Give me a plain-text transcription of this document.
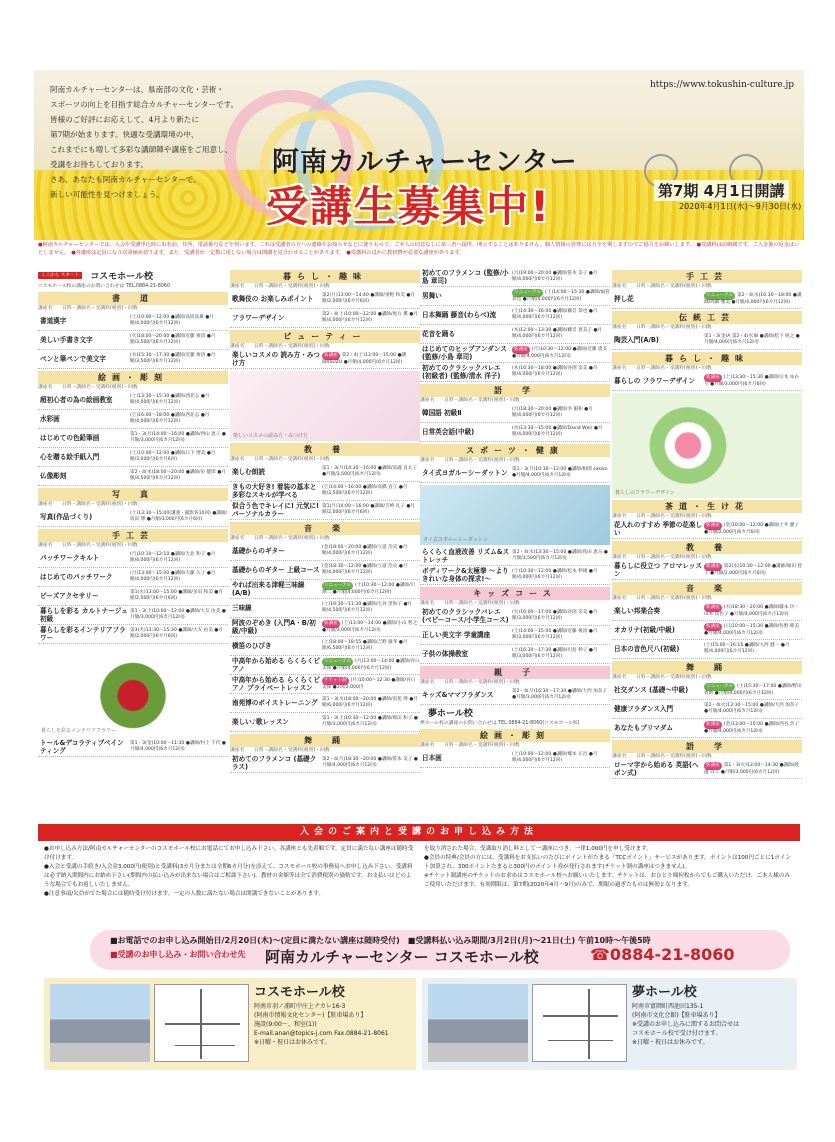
阿南カルチャーセンターは、県南部の文化・芸術・
スポーツの向上を目指す総合カルチャーセンターです。
皆様のご好評にお応えして、4月より新たに
第7期が始まります。快適な受講環境の中、
これまでにも増して多彩な講師陣や講座をご用意し、
受講をお待ちしております。
さあ、あなたも阿南カルチャーセンターで、
新しい可能性を見つけましょう。
https://www.tokushin-culture.jp
阿南カルチャーセンター
受講生募集中!	第7期 4月1日開講
2020年4月1日(水)〜9月30日(水)
●阿南カルチャーセンターでは、入会や受講申込時にお名前、住所、電話番号などを伺います。これは受講者の方への連絡やお知らせなどに使うもので、ご本人の同意なしに第三者へ提供、開示することはありません。個人情報の管理には万全を期しますのでご協力をお願いします。 ●受講料は前納制です。ご入金後の返金はいたしません。 ●各講座は定員になり次第締め切ります。また、受講者が一定数に達しない場合は開講を見合わせることがあります。 ●受講料のほかに教材費が必要な講座があります。
ここから スタート	コスモホール校
コスモホール校の講座のお問い合わせは TEL.0884-21-8060
書　道
講座名　　日時・講師名・受講料(税別)・回数
書道漢字	(土)10:00〜12:00 ●講師/高坂富雄 ●月額/4,000円(6カ月12回)
美しい手書き文字	(火)18:00〜20:00 ●講師/近藤 俊清 ●月額/3,500円(6カ月12回)
ペンと筆ペンで美文字	(水)15:30〜17:30 ●講師/近藤 俊清 ●月額/3,500円(6カ月12回)
絵画・彫刻
講座名　　日時・講師名・受講料(税別)・回数
超初心者の為の絵画教室	(土)13:30〜15:30 ●講師/西北志 ●月額/4,000円(6カ月12回)
水彩画	(土)16:00〜18:00 ●講師/西北志 ●月額/4,000円(6カ月12回)
はじめての色鉛筆画	第1・3(月)14:00〜16:00 ●講師/西山 恵子 ●月額/3,000円(6カ月12回)
心を贈る絵手紙入門	(土)10:00〜12:00 ●講師/日下 博美 ●月額/3,000円(6カ月6回)
仏像彫刻	第2・4(木)18:00〜20:00 ●講師/泉 健郎 ●月額/4,500円(6カ月12回)
写　真
講座名　　日時・講師名・受講料(税別)・回数
写真(作品づくり)	(土)13:30〜15:00(講義・撮影各10回) ●講師/坂田 博 ●月額/3,000円(6カ月6回)
手工芸
講座名　　日時・講師名・受講料(税別)・回数
パッチワークキルト	(月)10:10〜12:10 ●講師/大北 和子 ●月額/4,000円(6カ月12回)
はじめてのパッチワーク	(月)13:00〜15:00 ●講師/大藤 久子 ●月額/4,000円(6カ月12回)
ビーズアクセサリー	第1(火)13:00〜15:00 ●講師/多田 和美 ●月額/2,000円(6カ月6回)
暮らしを彩る カルトナージュ初級
第1・3(土)10:00〜12:00 ●講師/大友 由美 ●月額/3,000円(6カ月12回)
暮らしを彩るインテリアフラワー
第3(火)13:30〜15:30 ●講師/大友 由美 ●月額/2,000円(6カ月6回)
暮らしを彩るインテリアフラワー
トール&デコラティブペインティング
第1・3(金)10:00〜11:30 ●講師/村上 千代 ●月額/4,000円(6カ月12回)
暮らし・趣味
講座名　　日時・講師名・受講料(税別)・回数
歌舞伎の お楽しみポイント	第2(月)13:00〜14:40 ●講師/須野 和美 ●月額/2,000円(6カ月6回)
フラワーデザイン	第2・4(土)10:00〜12:00 ●講師/尾方 薫 ●月額/4,000円(6カ月12回)
ビューティー
講座名　　日時・講師名・受講料(税別)・回数
楽しいコスメの 読み方・みつけ方
新講座 第2・4(土)13:00〜15:00 ●講師/ISUZU ●月額/4,000円(6カ月12回)
楽しいコスメの読み方・みつけ方
教　養
講座名　　日時・講師名・受講料(税別)・回数
楽しむ朗読	第1・3(月)14:30〜16:00 ●講師/前瀧 良太子 ●月額/3,500円(6カ月12回)
きもの大好き! 着装の基本と多彩なスキルが学べる
(土)14:00〜16:00 ●講師/高橋 直子 ●月額/3,500円(6カ月12回)
似合う色でキレイに! 元気に! パーソナルカラー
第1(月)14:00〜16:00 ●講師/吉崎 礼子 ●月額/2,000円(6カ月6回)
音　楽
講座名　　日時・講師名・受講料(税別)・回数
基礎からのギター	(金)18:00〜20:00 ●講師/立道 浩史 ●月額/4,000円(6カ月12回)
基礎からのギター 上級コース (金)18:30〜12:00 ●講師/立道 浩史 ●月額/4,000円(6カ月12回)
やれば出来る津軽三味線(A/B)
リニューアル (土)10:30〜12:00 ●講師/川 潤二 ●月額/4,000円(6カ月12回)
三味線	(土)10:30〜11:30 ●講師/大谷 里和子 ●月額/4,500円(6カ月12回)
阿波のぞめき (入門A・B/初級/中級)
新講座 (土)13:00〜14:00 ●講師/小山 智之 ●月額/3,000円(6カ月12回)
横笛のひびき	(土)18:00〜18:55 ●講師/吉野 敏孝 ●月額/6,500円(6カ月12回)
中高年から始める らくらくピアノ
リニューアル (月)13:00〜14:00 ●講師/谷口 美保 ●月額/4,000円(6カ月12回)
中高年から始める らくらくピアノ プライベートレッスン
チケット制 (月)10:00〜12:30 ●講師/谷口 美保 ●1回/2,000円
南苑博のボイストレーニング 第1・3(水)18:00〜20:00 ●講師/南苑 博 ●月額/6,000円(6カ月12回)
楽しい♪歌レッスン	第1・3(土)10:30〜12:00 ●講師/岡田 和子 ●月額/3,000円(6カ月12回)
舞　踊
講座名　　日時・講師名・受講料(税別)・回数
初めてのフラメンコ (基礎クラス)
第2・4(月)18:30〜20:00 ●講師/笹本 美子 ●月額/4,000円(6カ月12回)
初めてのフラメンコ (監修/小島 章司)
(月)19:00〜20:00 ●講師/笹本 美子 ●月額/4,000円(6カ月12回)
男舞い	リニューアル (土)14:00〜15:30 ●講師/福宮 恭也 ●月額/4,000円(6カ月12回)
日本舞踊 藤音(わらべ)流	(土)14:30〜16:00 ●講師/藤音 恭也 ●月額/4,000円(6カ月12回)
花音を踊る	(木)12:00〜13:30 ●講師/藤音 恵美子 ●月額/4,000円(6カ月12回)
はじめてのヒップアンダンス (監修/小島 章司)
新講座 (月)10:30〜12:00 ●講師/近藤 恵美 ●月額/4,000円(6カ月12回)
初めてのクラシックバレエ (初級者) (監修/清水 洋子)
(木)16:30〜18:00 ●講師/谷渕 奈美 ●月額/4,000円(6カ月12回)
語　学
講座名　　日時・講師名・受講料(税別)・回数
韓国語 初級Ⅱ	(月)18:30〜20:00 ●講師/李 銀和 ●月額/4,000円(6カ月12回)
日常英会話(中級)	(水)13:30〜15:00 ●講師/David Weir ●月額/4,000円(6カ月12回)
スポーツ・健康
講座名　　日時・講師名・受講料(税別)・回数
タイ式ヨガルーシーダットン 第1・3(月)10:30〜12:00 ●講師/相園 sakiko ●月額/4,000円(6カ月12回)
タイ式ヨガルーシーダットン
らくらく血液改善 リズム&ストレッチ
第2・4(水)13:30〜15:00 ●講師/島田 恵み ●月額/3,500円(6カ月12回)
ボディワーク&太極拳 〜よりきれいな身体の探求!〜
(土)10:30〜12:00 ●講師/松本 伸雄 ●月額/4,000円(6カ月12回)
キッズコース
講座名　　日時・講師名・受講料(税別)・回数
初めてのクラシックバレエ (ベビーコース/小学生コース)
(火)16:00〜17:00 ●講師/谷渕 奈美 ●月額/3,000円(6カ月12回)
正しい美文字 学童講座	(土)14:00〜15:00 ●講師/近藤 俊清 ●月額/3,000円(6カ月12回)
子供の体操教室	(土)16:30〜17:30 ●講師/川島 伸子 ●月額/3,000円(6カ月12回)
親　子
講座名　　日時・講師名・受講料(税別)・回数
キッズ&ママフラダンス	第2・4(月)16:30〜17:30 ●講師/大西 加奈子 ●月額/3,000円(6カ月12回)
夢ホール校
夢ホール校の講座のお問い合わせは TEL.0884-21-8060(コスモホール校)
絵画・彫刻
講座名　　日時・講師名・受講料(税別)・回数
日本画	(土)10:00〜12:00 ●講師/郷本 正昌 ●月額/4,000円(6カ月12回)
手工芸
講座名　　日時・講師名・受講料(税別)・回数
押し花	リニューアル 第2・4(水)16:30〜18:00 ●講師/高畑 雅美 ●月額/4,000円(6カ月12回)
伝統工芸
講座名　　日時・講師名・受講料(税別)・回数
陶芸入門(A/B)	第1・3(金)A 第2・4(水)B ●講師/松下 純之 ●月額/4,000円(6カ月12回)
暮らし・趣味
講座名　　日時・講師名・受講料(税別)・回数
暮らしの フラワーデザイン	新講座 (土)13:30〜15:30 ●講師/宗本 ゆかり ●月額/3,000円(6カ月6回)
暮らしのフラワーデザイン
茶道・生け花
講座名　　日時・講師名・受講料(税別)・回数
花人れのすすめ 季節の花楽しい
新講座 (金)10:00〜12:00 ●講師/土井 麗子 ●月額/2,000円(6カ月6回)
教　養
講座名　　日時・講師名・受講料(税別)・回数
暮らしに役立つ アロマレッスン
新講座 第2(水)10:30〜12:00 ●講師/堀田 智子 ●月額/2,000円(6カ月6回)
音　楽
講座名　　日時・講師名・受講料(税別)・回数
楽しい邦楽合奏	新講座 (水)18:30〜20:00 ●講師/藤本 玲・山本 真佐子 ●月額/4,000円(6カ月12回)
オカリナ(初級/中級)	新講座 (日)10:00〜15:30 ●講師/佐野 睦美 ●月額/4,000円(6カ月12回)
日本の音色尺八(初級)	(土)15:00〜16:15 ●講師/大西 健一 ●月額/4,000円(6カ月12回)
舞　踊
講座名　　日時・講師名・受講料(税別)・回数
社交ダンス (基礎〜中級)	リニューアル (土)15:30〜17:00 ●講師/野田 香助 ●月額/4,000円(6カ月12回)
健康フラダンス入門	第2・4(火)13:30〜15:00 ●講師/大西 加奈子 ●月額/4,000円(6カ月12回)
あなたもプリマダム	新講座 (金)13:00〜15:00 ●講師/西谷 浩子 ●月額/4,000円(6カ月12回)
語　学
講座名　　日時・講師名・受講料(税別)・回数
ローマ字から始める 英語(ヘボン式)
新講座 第1・3(火)13:00〜14:30 ●講師/渡邊 みこ ●月額/3,000円(6カ月12回)
入会のご案内と受講のお申し込み方法

●お申し込み方法/阿南カルチャーセンターのコスモホール校にお電話にてお申し込み下さい。各講座とも先着順です。定員に満たない講座は随時受け付けます。

●入会と受講の手続き/入会金3,000円(税別)と受講料(3カ月分または全期6カ月分)を添えて、コスモホール校の事務局へお申し込み下さい。受講料は必ず納入期間内にお納め下さい(期間内の払い込みが出来ない場合はご相談下さい)。教材の金額等は全て消費税別の価格です。お支払いはどのような場合でもお返しいたしません。

●注意事項/欠員がでた場合には随時受け付けます。一定の人数に満たない場合は開講できないことがあります。

を取り消された場合、受講取り消し料として一講座につき、一律1,000円を申し受けます。

●会員の特典/会員の方には、受講料をお支払いのたびにポイントがたまる「TCCポイント」サービスがあります。ポイントは100円ごとに1ポイント加算され、300ポイントたまると300円のポイント券が発行されます(チケット制の講座はつきません)。

※チケット制講座のチケットのお求めはコスモホール校へお願いいたします。チケットは、おひとり様何枚からでもご購入いただけ、ご本人様のみご使用いただけます。有効期限は、第7期(2020年4月〜9月)のみで、期限の過ぎたものは無効となります。

■お電話でのお申し込み開始日/2月20日(木)〜(定員に満たない講座は随時受付)　■受講料払い込み期間/3月2日(月)〜21日(土) 午前10時〜午後5時
■受講のお申し込み・お問い合わせ先 阿南カルチャーセンター コスモホール校	☎0884-21-8060
コスモホール校
阿南市羽ノ浦町中庄上ナカレ16-3
(阿南市情報文化センター)【駐車場あり】
施設(9:00〜、和室(1))
E-mail.anan@topics-j.com Fax.0884-21-8061
※日曜・祝日はお休みです。
夢ホール校
阿南市富岡町西池田135-1
(阿南市文化会館)【駐車場あり】
※受講のお申し込みに関するお問合せは
コスモホール校で受け付けます。
※日曜・祝日はお休みです。
